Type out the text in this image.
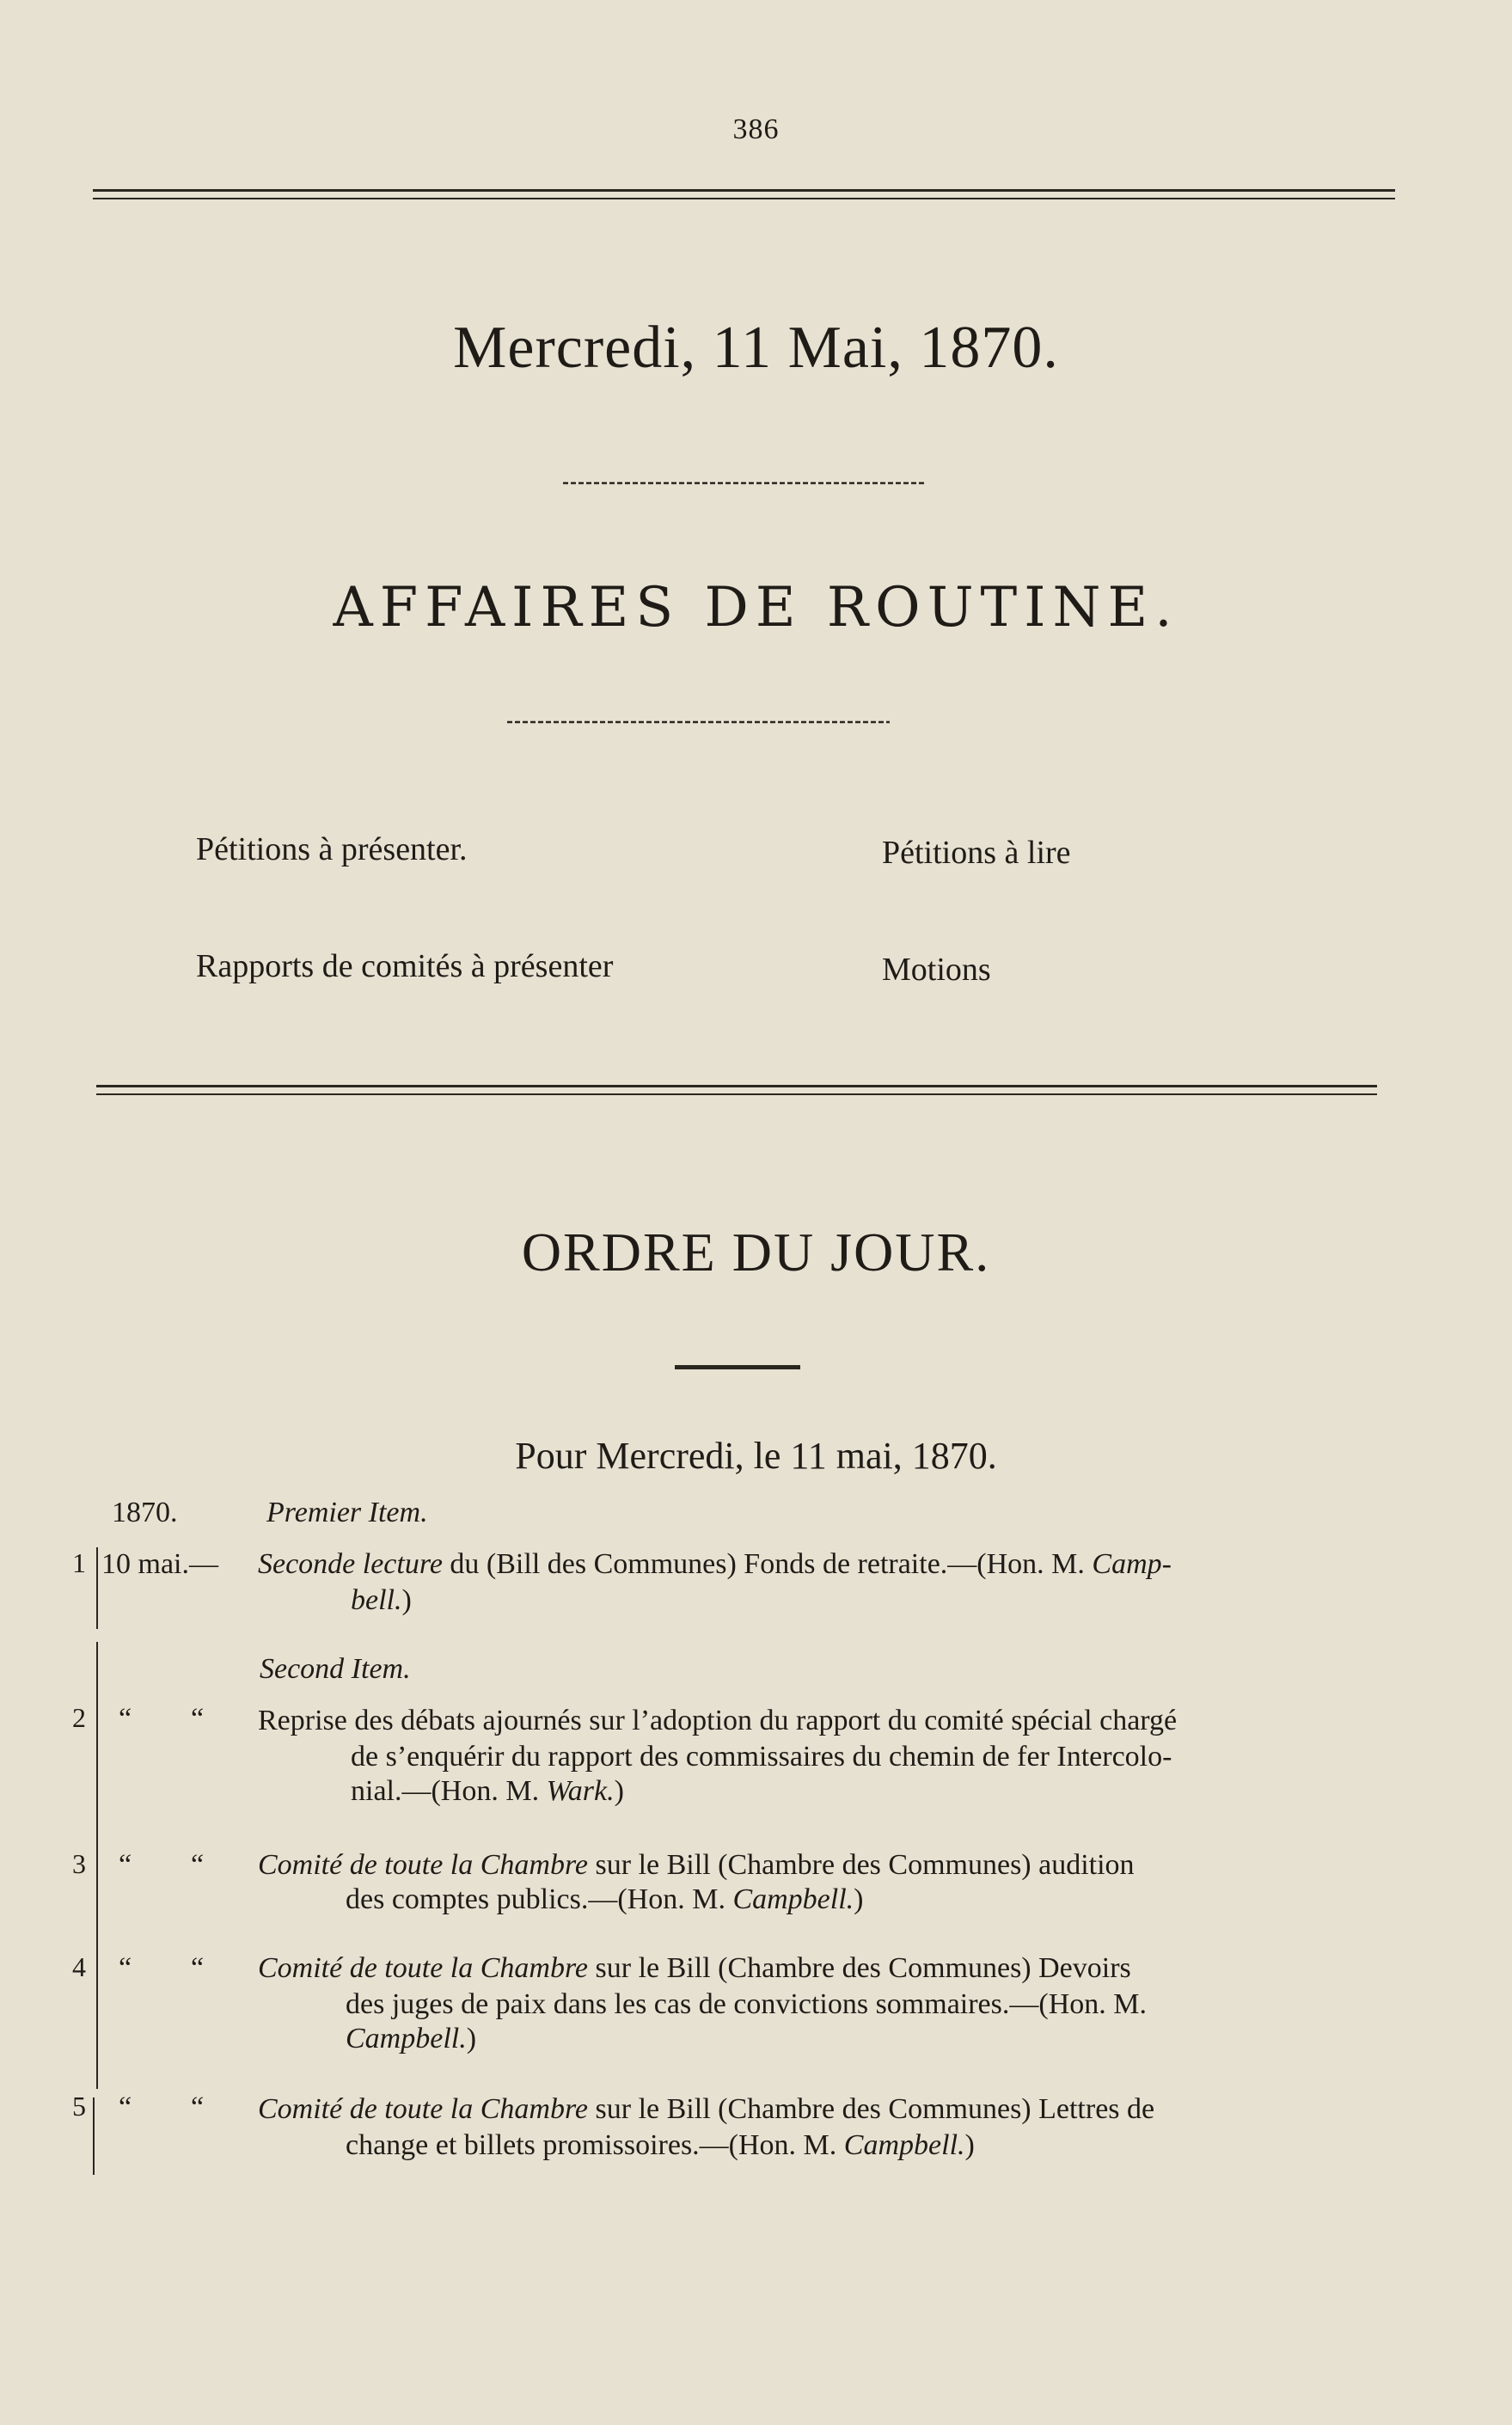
386
Mercredi, 11 Mai, 1870.
AFFAIRES DE ROUTINE.
Pétitions à présenter.	Pétitions à lire
Rapports de comités à présenter	Motions
ORDRE DU JOUR.
Pour Mercredi, le 11 mai, 1870.
1870.	Premier Item.
1 10 mai.— Seconde lecture du (Bill des Communes) Fonds de retraite.—(Hon. M. Camp-
bell.)
Second Item.
2 “ “ Reprise des débats ajournés sur l’adoption du rapport du comité spécial chargé
de s’enquérir du rapport des commissaires du chemin de fer Intercolo-
nial.—(Hon. M. Wark.)
3 “ “ Comité de toute la Chambre sur le Bill (Chambre des Communes) audition
des comptes publics.—(Hon. M. Campbell.)
4 “ “ Comité de toute la Chambre sur le Bill (Chambre des Communes) Devoirs
des juges de paix dans les cas de convictions sommaires.—(Hon. M.
Campbell.)
5 “ “ Comité de toute la Chambre sur le Bill (Chambre des Communes) Lettres de
change et billets promissoires.—(Hon. M. Campbell.)
